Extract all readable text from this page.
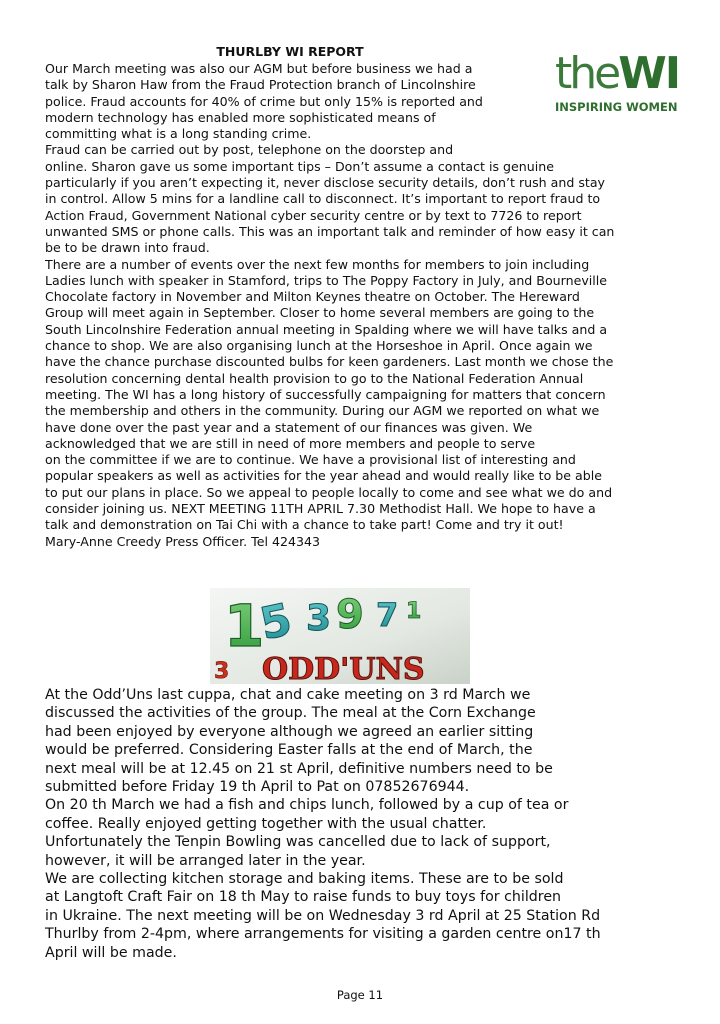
THURLBY WI REPORT	theWI
INSPIRING WOMEN

Our March meeting was also our AGM but before business we had a

talk by Sharon Haw from the Fraud Protection branch of Lincolnshire

police. Fraud accounts for 40% of crime but only 15% is reported and

modern technology has enabled more sophisticated means of

committing what is a long standing crime.

Fraud can be carried out by post, telephone on the doorstep and

online. Sharon gave us some important tips – Don’t assume a contact is genuine

particularly if you aren’t expecting it, never disclose security details, don’t rush and stay

in control. Allow 5 mins for a landline call to disconnect. It’s important to report fraud to

Action Fraud, Government National cyber security centre or by text to 7726 to report

unwanted SMS or phone calls. This was an important talk and reminder of how easy it can

be to be drawn into fraud.

There are a number of events over the next few months for members to join including

Ladies lunch with speaker in Stamford, trips to The Poppy Factory in July, and Bourneville

Chocolate factory in November and Milton Keynes theatre on October. The Hereward

Group will meet again in September. Closer to home several members are going to the

South Lincolnshire Federation annual meeting in Spalding where we will have talks and a

chance to shop. We are also organising lunch at the Horseshoe in April. Once again we

have the chance purchase discounted bulbs for keen gardeners. Last month we chose the

resolution concerning dental health provision to go to the National Federation Annual

meeting. The WI has a long history of successfully campaigning for matters that concern

the membership and others in the community. During our AGM we reported on what we

have done over the past year and a statement of our finances was given. We

acknowledged that we are still in need of more members and people to serve

on the committee if we are to continue. We have a provisional list of interesting and

popular speakers as well as activities for the year ahead and would really like to be able

to put our plans in place. So we appeal to people locally to come and see what we do and

consider joining us. NEXT MEETING 11TH APRIL 7.30 Methodist Hall. We hope to have a

talk and demonstration on Tai Chi with a chance to take part! Come and try it out!

Mary-Anne Creedy Press Officer. Tel 424343

1
5 3 9 7 1
3 ODD'UNS

At the Odd’Uns last cuppa, chat and cake meeting on 3 rd March we

discussed the activities of the group. The meal at the Corn Exchange

had been enjoyed by everyone although we agreed an earlier sitting

would be preferred. Considering Easter falls at the end of March, the

next meal will be at 12.45 on 21 st April, definitive numbers need to be

submitted before Friday 19 th April to Pat on 07852676944.

On 20 th March we had a fish and chips lunch, followed by a cup of tea or

coffee. Really enjoyed getting together with the usual chatter.

Unfortunately the Tenpin Bowling was cancelled due to lack of support,

however, it will be arranged later in the year.

We are collecting kitchen storage and baking items. These are to be sold

at Langtoft Craft Fair on 18 th May to raise funds to buy toys for children

in Ukraine. The next meeting will be on Wednesday 3 rd April at 25 Station Rd

Thurlby from 2-4pm, where arrangements for visiting a garden centre on17 th

April will be made.

Page 11
